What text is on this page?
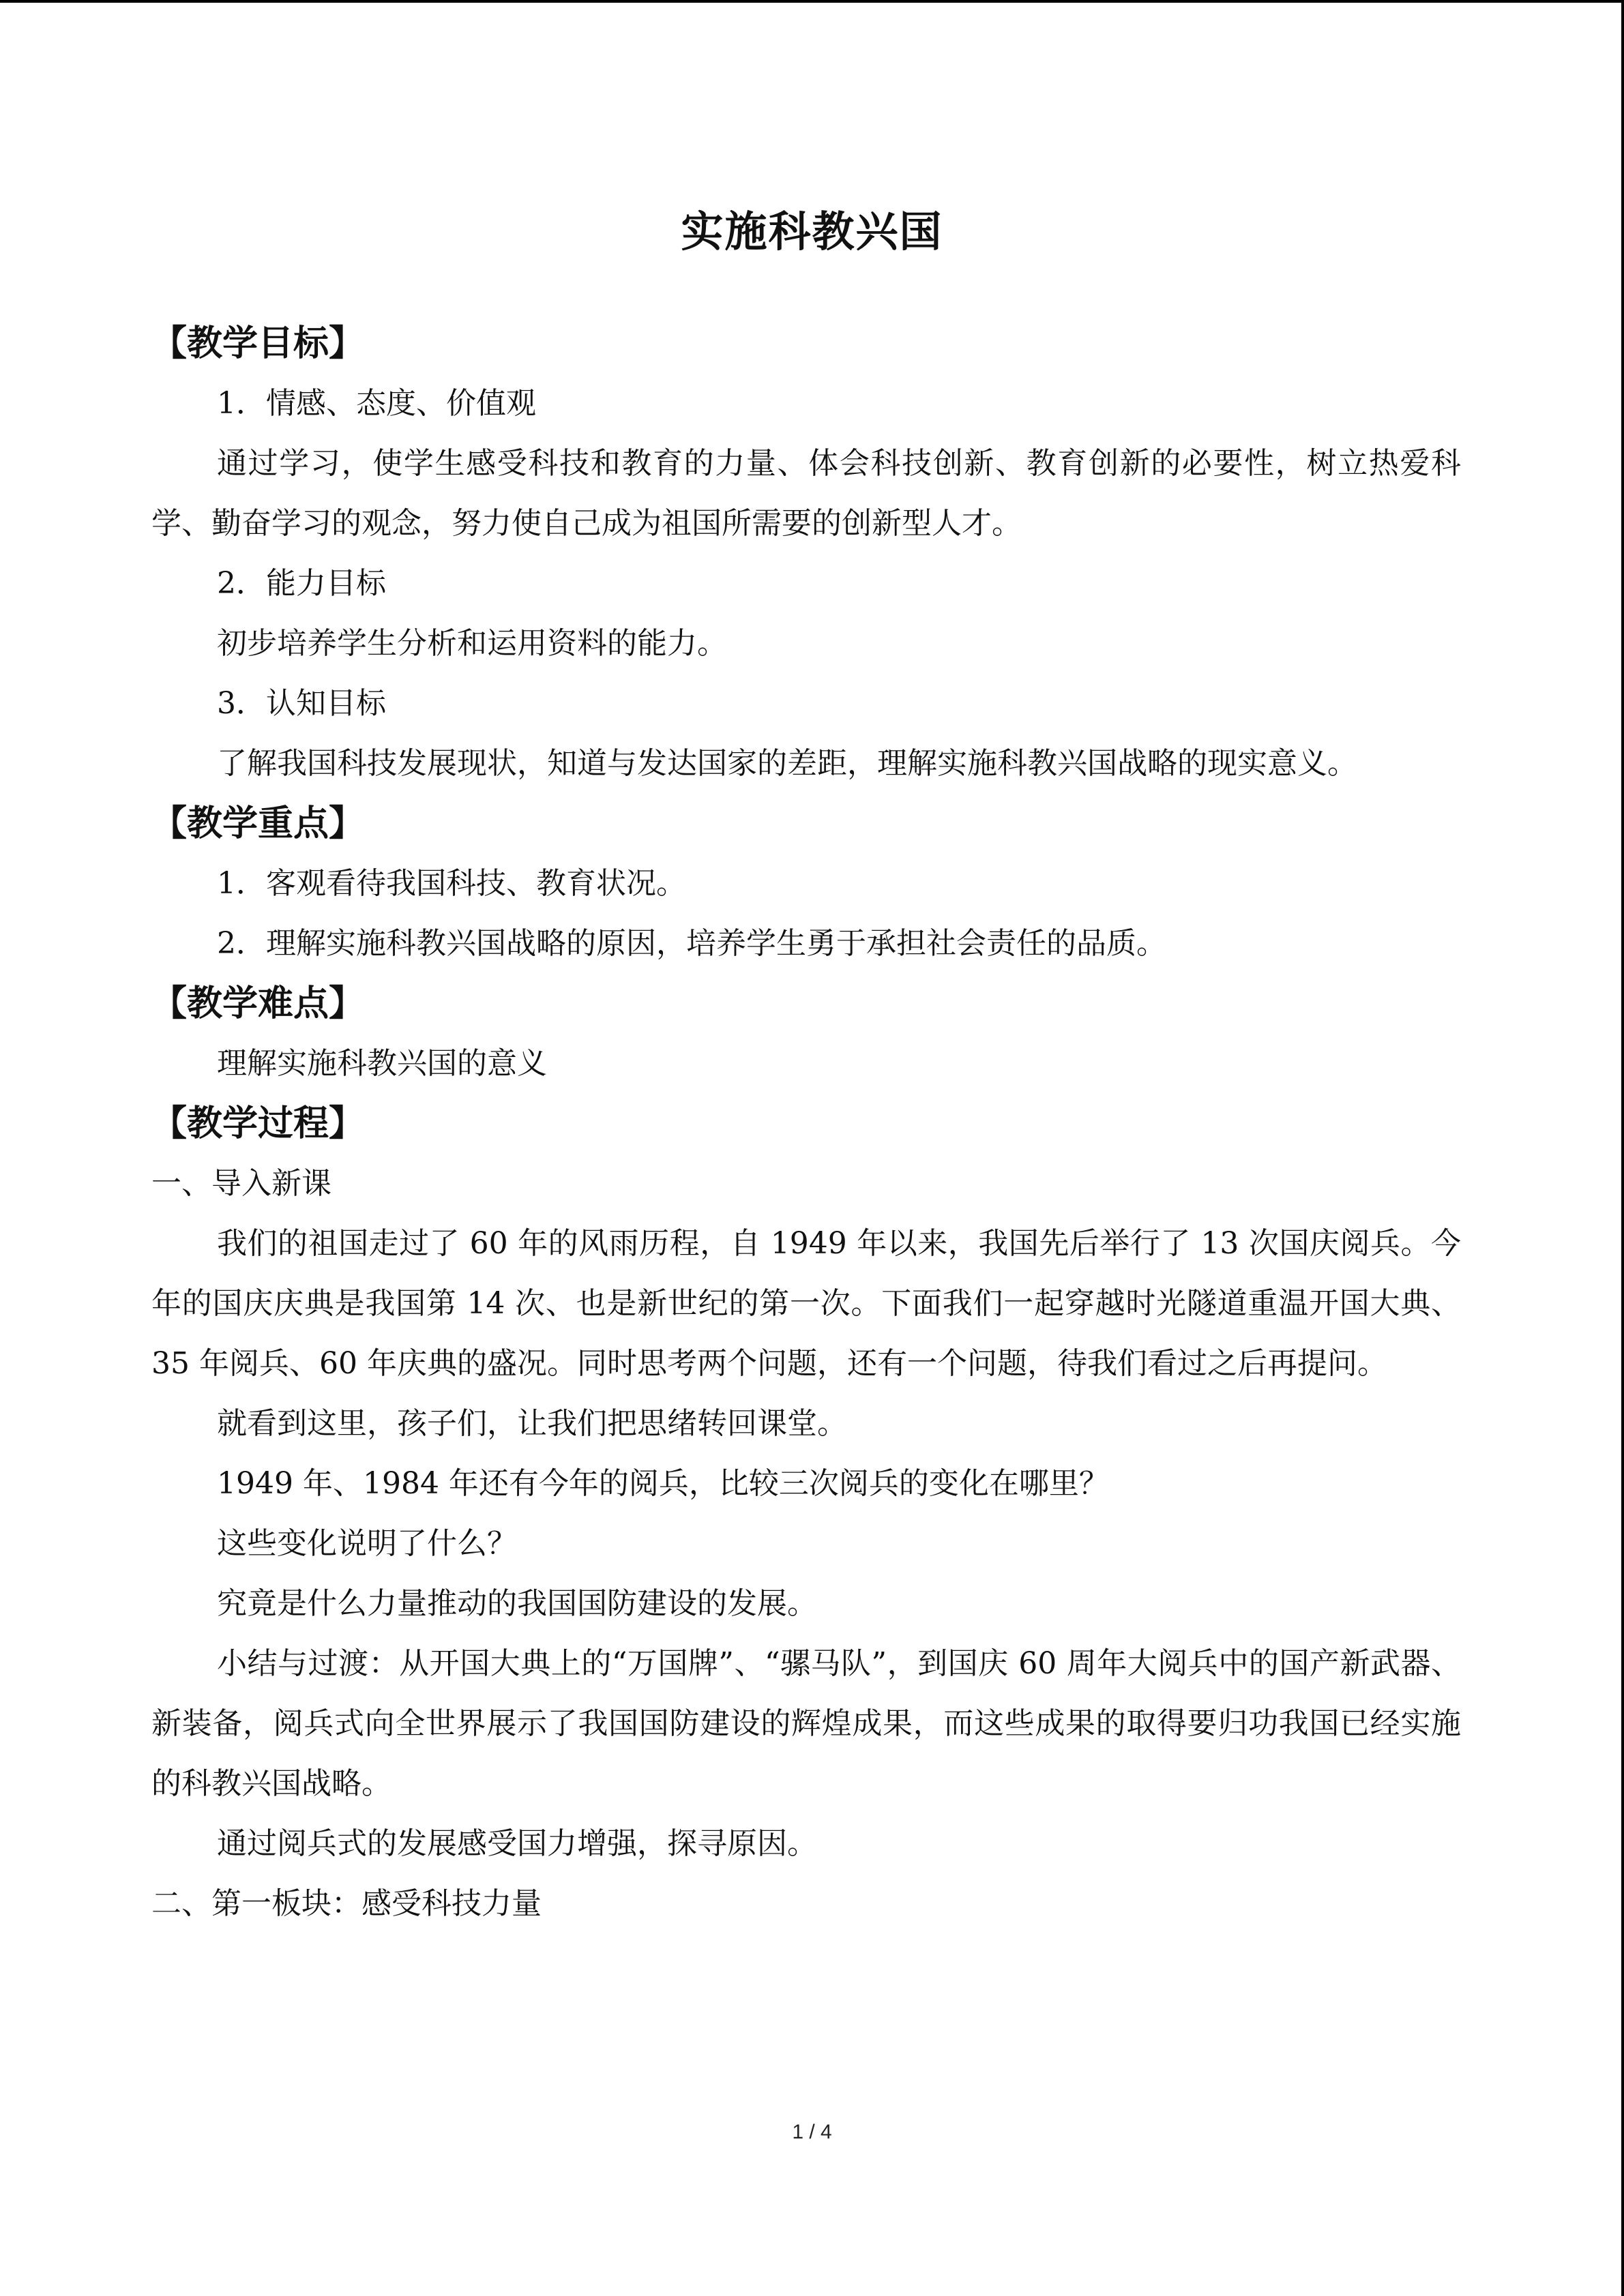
实施科教兴国
【教学目标】

1．情感、态度、价值观

通过学习，使学生感受科技和教育的力量、体会科技创新、教育创新的必要性，树立热爱科学、勤奋学习的观念，努力使自己成为祖国所需要的创新型人才。

2．能力目标

初步培养学生分析和运用资料的能力。

3．认知目标

了解我国科技发展现状，知道与发达国家的差距，理解实施科教兴国战略的现实意义。

【教学重点】

1．客观看待我国科技、教育状况。

2．理解实施科教兴国战略的原因，培养学生勇于承担社会责任的品质。

【教学难点】

理解实施科教兴国的意义

【教学过程】

一、导入新课

我们的祖国走过了 60 年的风雨历程，自 1949 年以来，我国先后举行了 13 次国庆阅兵。今年的国庆庆典是我国第 14 次、也是新世纪的第一次。下面我们一起穿越时光隧道重温开国大典、35 年阅兵、60 年庆典的盛况。同时思考两个问题，还有一个问题，待我们看过之后再提问。

就看到这里，孩子们，让我们把思绪转回课堂。

1949 年、1984 年还有今年的阅兵，比较三次阅兵的变化在哪里？

这些变化说明了什么？

究竟是什么力量推动的我国国防建设的发展。

小结与过渡：从开国大典上的“万国牌”、“骡马队”，到国庆 60 周年大阅兵中的国产新武器、新装备，阅兵式向全世界展示了我国国防建设的辉煌成果，而这些成果的取得要归功我国已经实施的科教兴国战略。

通过阅兵式的发展感受国力增强，探寻原因。

二、第一板块：感受科技力量

1 / 4
